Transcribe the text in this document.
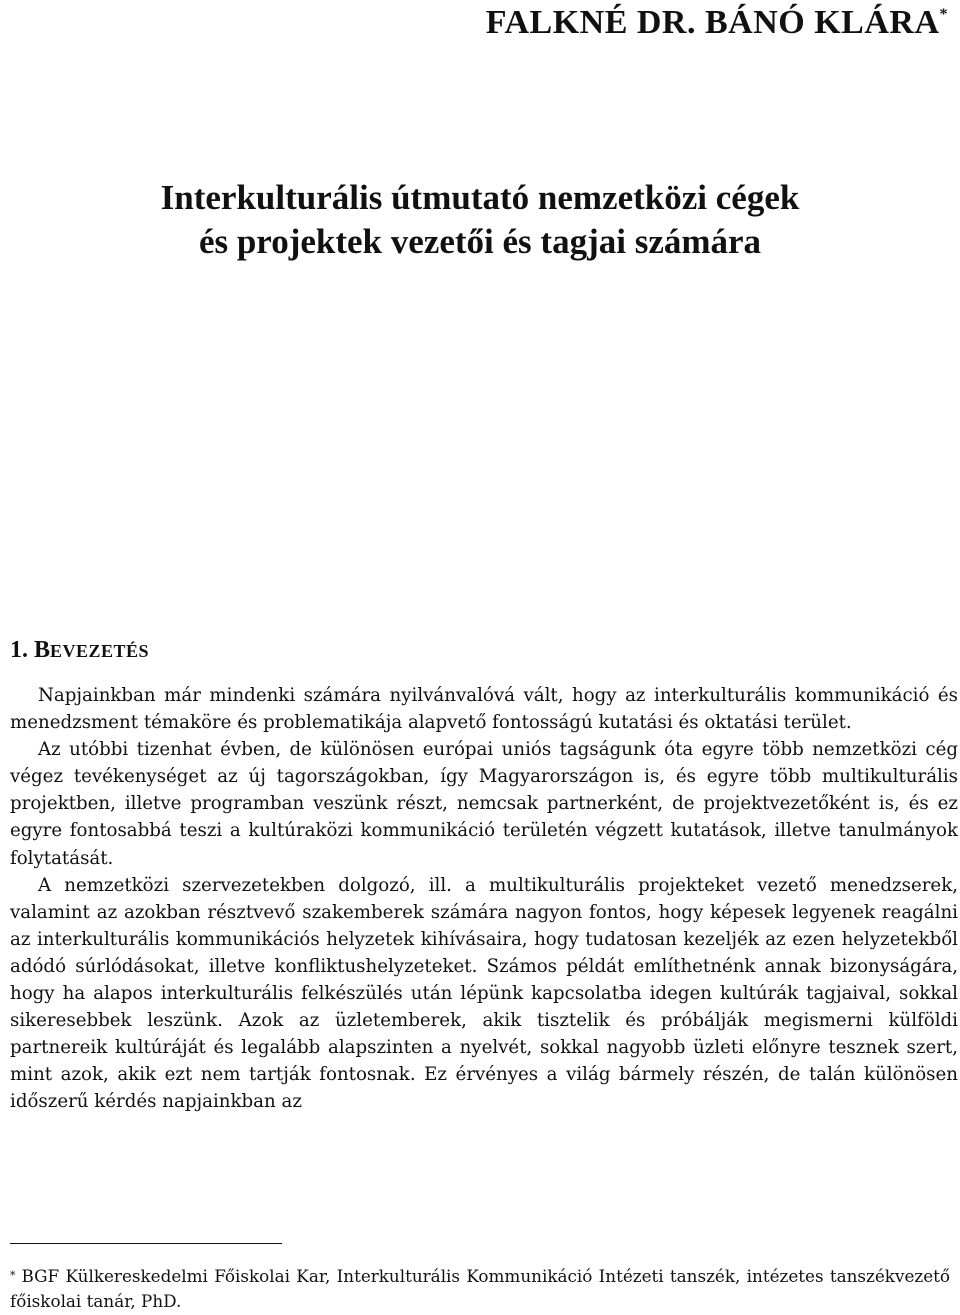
FALKNÉ DR. BÁNÓ KLÁRA*
Interkulturális útmutató nemzetközi cégek
és projektek vezetői és tagjai számára
1. BEVEZETÉS

Napjainkban már mindenki számára nyilvánvalóvá vált, hogy az interkulturális kommunikáció és menedzsment témaköre és problematikája alapvető fontosságú kutatási és oktatási terület.

Az utóbbi tizenhat évben, de különösen európai uniós tagságunk óta egyre több nemzetközi cég végez tevékenységet az új tagországokban, így Magyarországon is, és egyre több multikulturális projektben, illetve programban veszünk részt, nemcsak partnerként, de projektvezetőként is, és ez egyre fontosabbá teszi a kultúraközi kommunikáció területén végzett kutatások, illetve tanulmányok folytatását.

A nemzetközi szervezetekben dolgozó, ill. a multikulturális projekteket vezető menedzserek, valamint az azokban résztvevő szakemberek számára nagyon fontos, hogy képesek legyenek reagálni az interkulturális kommunikációs helyzetek kihívásaira, hogy tudatosan kezeljék az ezen helyzetekből adódó súrlódásokat, illetve konfliktushelyzeteket. Számos példát említhetnénk annak bizonyságára, hogy ha alapos interkulturális felkészülés után lépünk kapcsolatba idegen kultúrák tagjaival, sokkal sikeresebbek leszünk. Azok az üzletemberek, akik tisztelik és próbálják megismerni külföldi partnereik kultúráját és legalább alapszinten a nyelvét, sokkal nagyobb üzleti előnyre tesznek szert, mint azok, akik ezt nem tartják fontosnak. Ez érvényes a világ bármely részén, de talán különösen időszerű kérdés napjainkban az

* BGF Külkereskedelmi Főiskolai Kar, Interkulturális Kommunikáció Intézeti tanszék, intézetes tanszékvezető főiskolai tanár, PhD.
